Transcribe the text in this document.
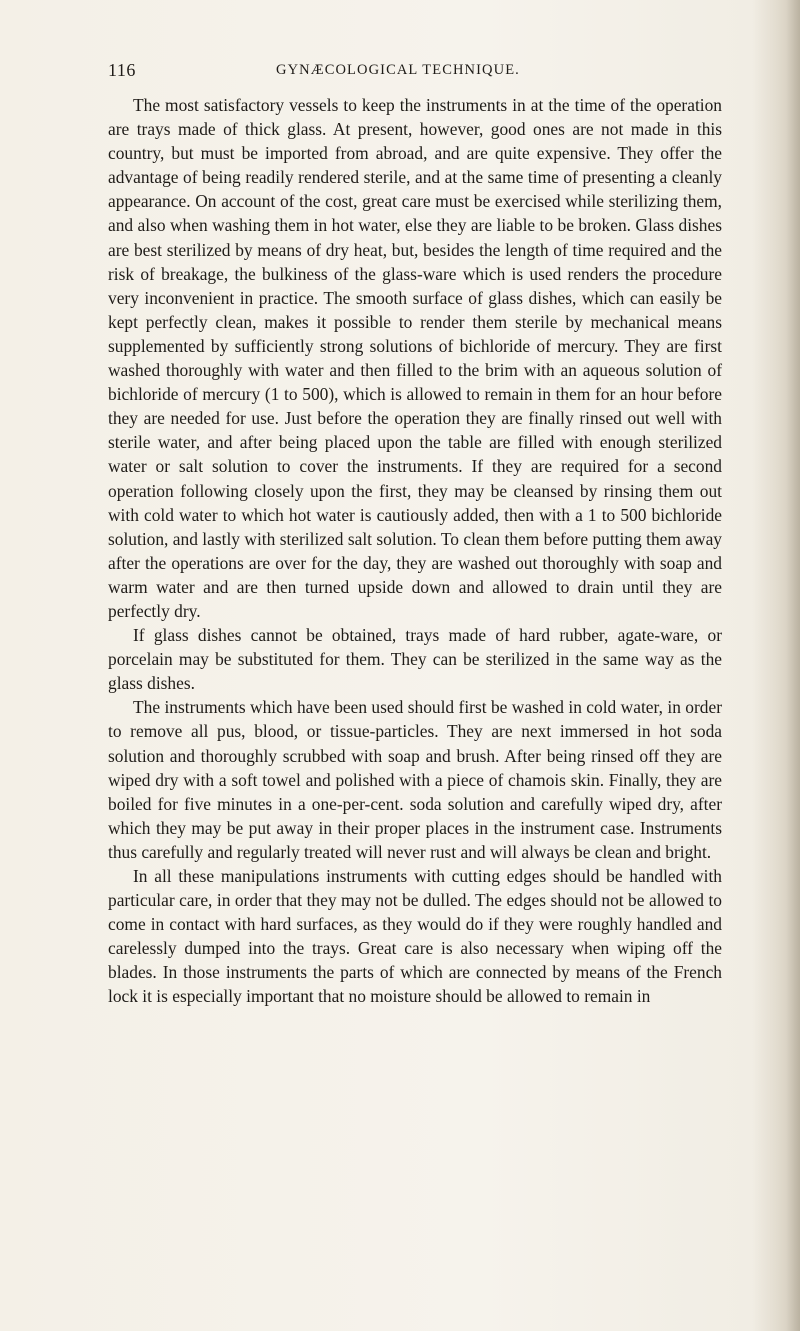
116	GYNÆCOLOGICAL TECHNIQUE.

The most satisfactory vessels to keep the instruments in at the time of the operation are trays made of thick glass. At present, however, good ones are not made in this country, but must be imported from abroad, and are quite expensive. They offer the advantage of being readily rendered sterile, and at the same time of presenting a cleanly appearance. On account of the cost, great care must be exercised while sterilizing them, and also when washing them in hot water, else they are liable to be broken. Glass dishes are best sterilized by means of dry heat, but, besides the length of time required and the risk of breakage, the bulkiness of the glass-ware which is used renders the procedure very inconvenient in practice. The smooth surface of glass dishes, which can easily be kept perfectly clean, makes it possible to render them sterile by mechanical means supplemented by sufficiently strong solutions of bichloride of mercury. They are first washed thoroughly with water and then filled to the brim with an aqueous solution of bichloride of mercury (1 to 500), which is allowed to remain in them for an hour before they are needed for use. Just before the operation they are finally rinsed out well with sterile water, and after being placed upon the table are filled with enough sterilized water or salt solution to cover the instruments. If they are required for a second operation following closely upon the first, they may be cleansed by rinsing them out with cold water to which hot water is cautiously added, then with a 1 to 500 bichloride solution, and lastly with sterilized salt solution. To clean them before putting them away after the operations are over for the day, they are washed out thoroughly with soap and warm water and are then turned upside down and allowed to drain until they are perfectly dry.

If glass dishes cannot be obtained, trays made of hard rubber, agate-ware, or porcelain may be substituted for them. They can be sterilized in the same way as the glass dishes.

The instruments which have been used should first be washed in cold water, in order to remove all pus, blood, or tissue-particles. They are next immersed in hot soda solution and thoroughly scrubbed with soap and brush. After being rinsed off they are wiped dry with a soft towel and polished with a piece of chamois skin. Finally, they are boiled for five minutes in a one-per-cent. soda solution and carefully wiped dry, after which they may be put away in their proper places in the instrument case. Instruments thus carefully and regularly treated will never rust and will always be clean and bright.

In all these manipulations instruments with cutting edges should be handled with particular care, in order that they may not be dulled. The edges should not be allowed to come in contact with hard surfaces, as they would do if they were roughly handled and carelessly dumped into the trays. Great care is also necessary when wiping off the blades. In those instruments the parts of which are connected by means of the French lock it is especially important that no moisture should be allowed to remain in
